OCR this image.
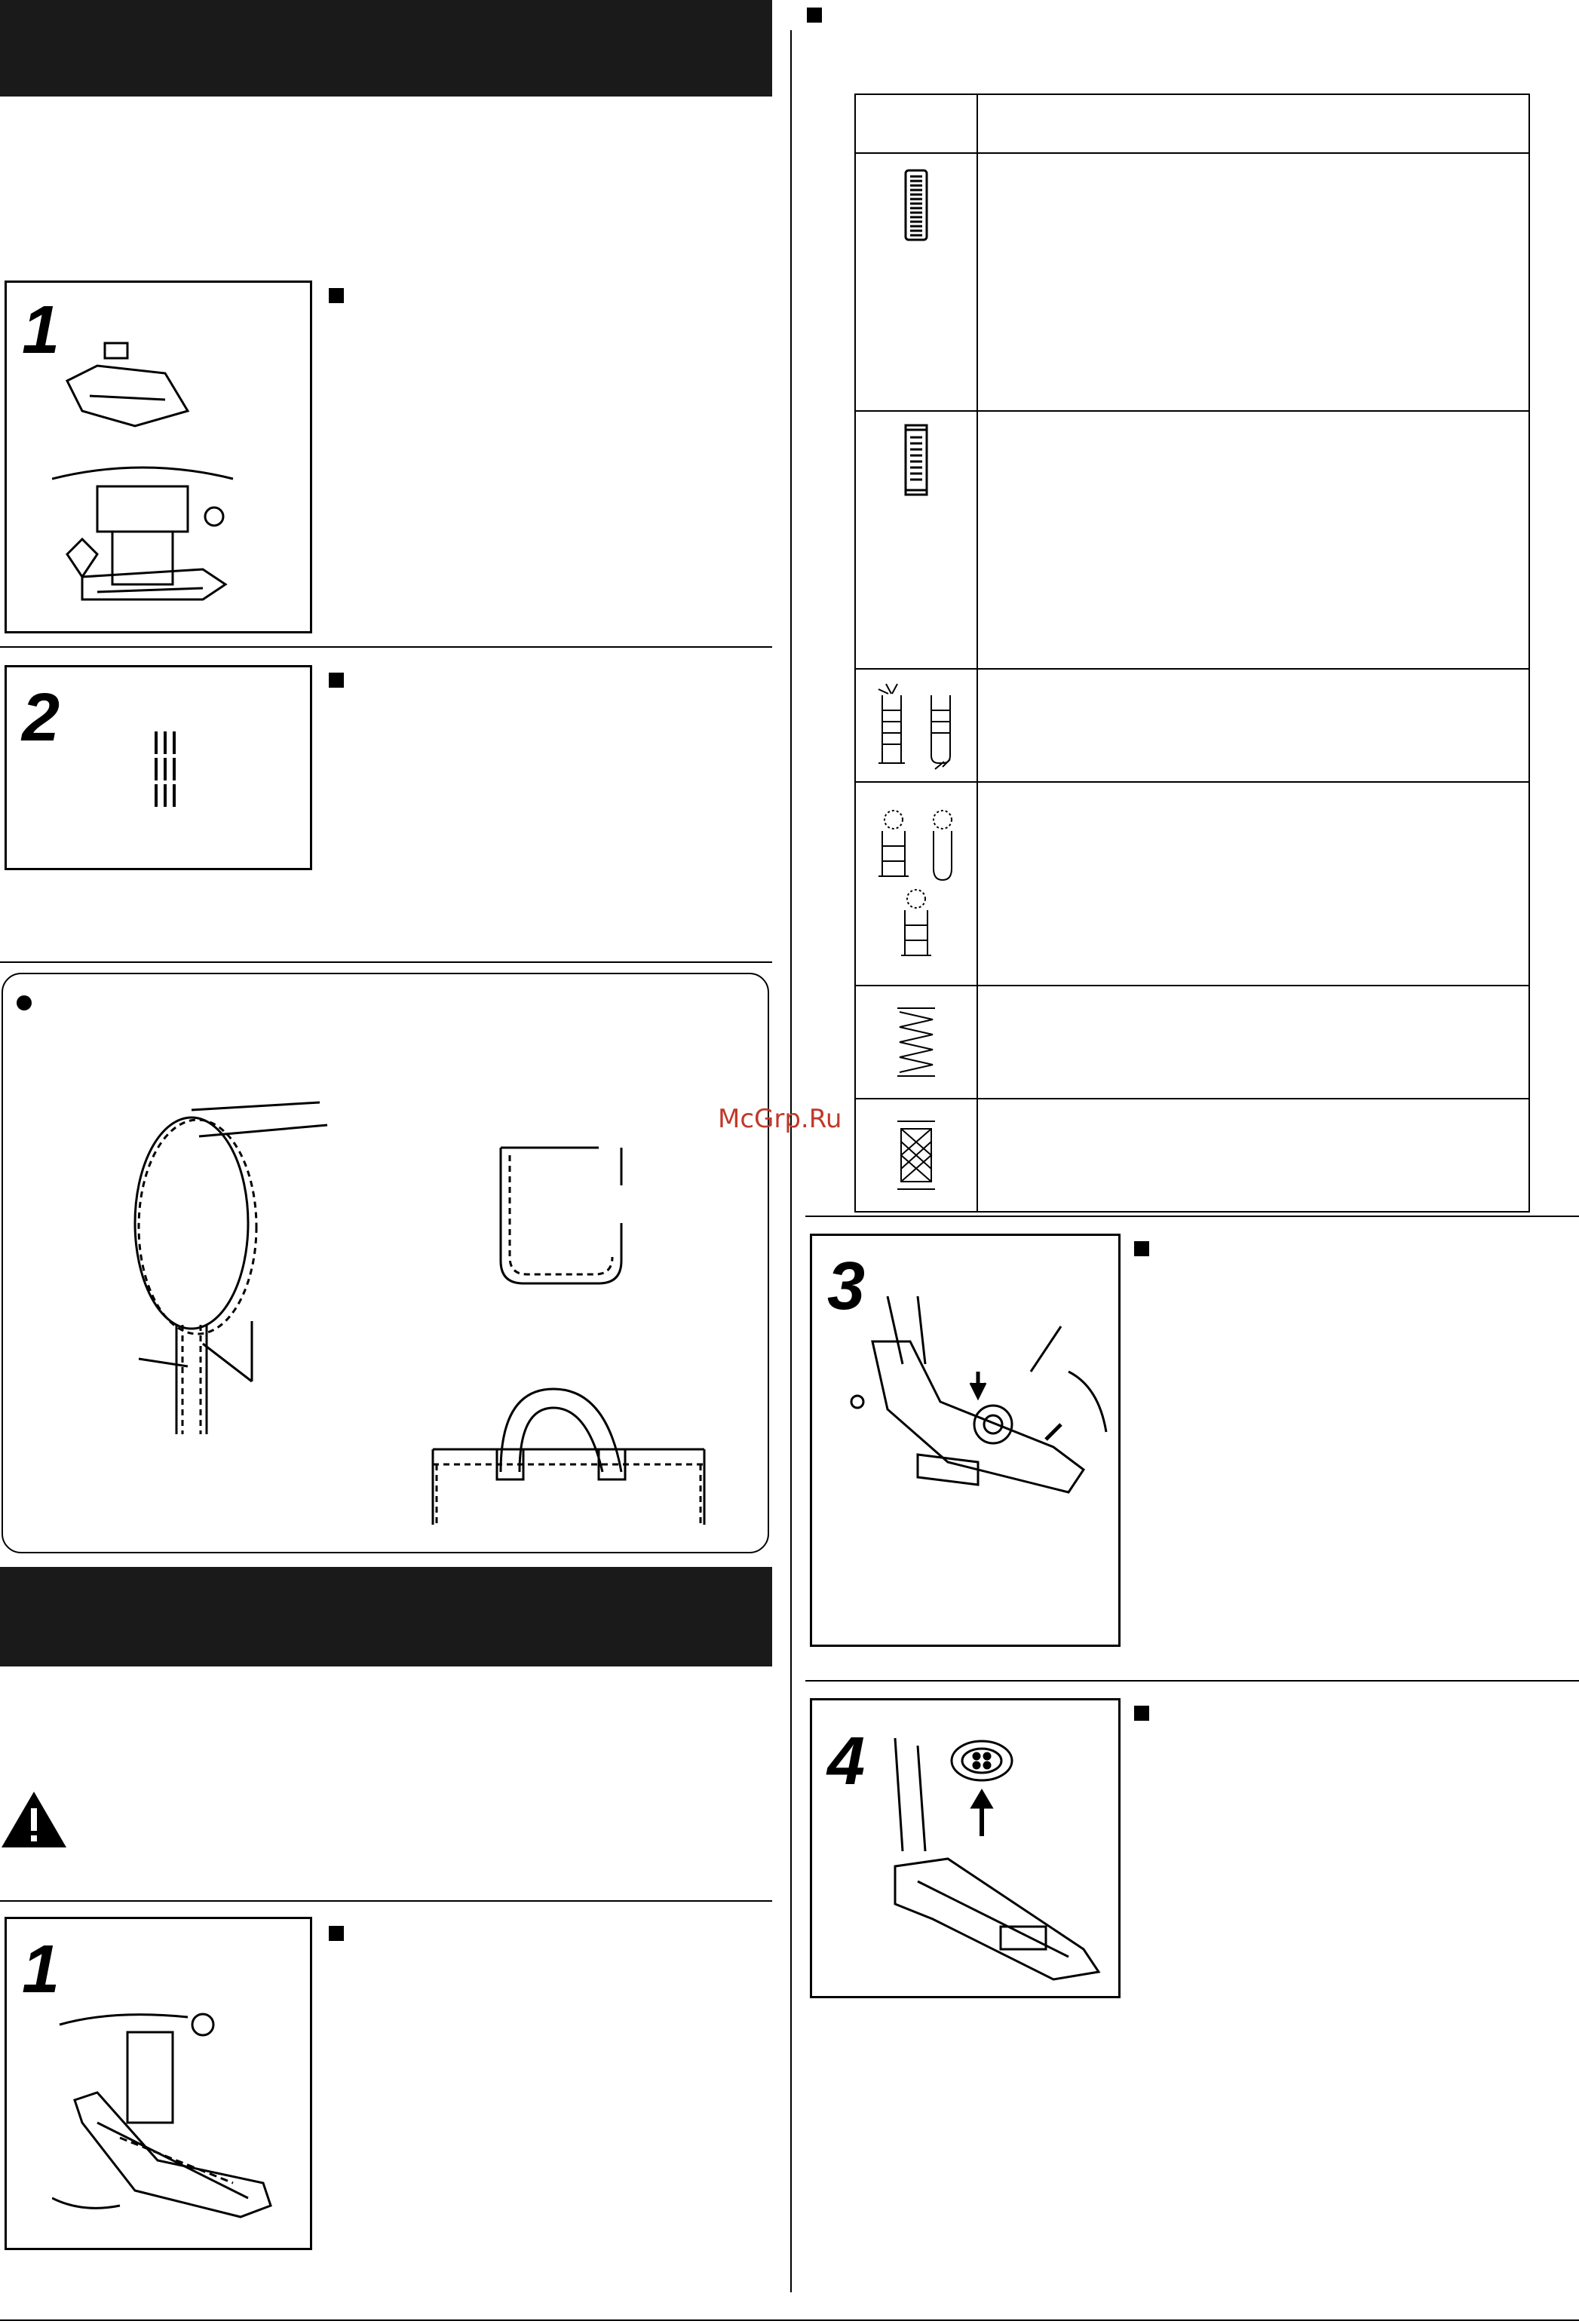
1
2
1

McGrp.Ru
3
4
